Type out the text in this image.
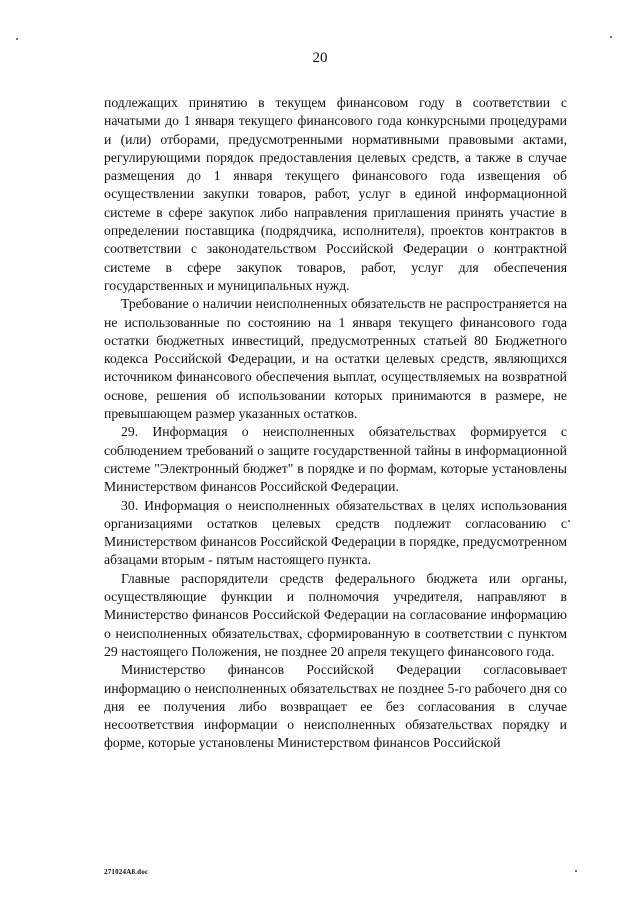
20

подлежащих принятию в текущем финансовом году в соответствии с начатыми до 1 января текущего финансового года конкурсными процедурами и (или) отборами, предусмотренными нормативными правовыми актами, регулирующими порядок предоставления целевых средств, а также в случае размещения до 1 января текущего финансового года извещения об осуществлении закупки товаров, работ, услуг в единой информационной системе в сфере закупок либо направления приглашения принять участие в определении поставщика (подрядчика, исполнителя), проектов контрактов в соответствии с законодательством Российской Федерации о контрактной системе в сфере закупок товаров, работ, услуг для обеспечения государственных и муниципальных нужд.

Требование о наличии неисполненных обязательств не распространяется на не использованные по состоянию на 1 января текущего финансового года остатки бюджетных инвестиций, предусмотренных статьей 80 Бюджетного кодекса Российской Федерации, и на остатки целевых средств, являющихся источником финансового обеспечения выплат, осуществляемых на возвратной основе, решения об использовании которых принимаются в размере, не превышающем размер указанных остатков.

29. Информация о неисполненных обязательствах формируется с соблюдением требований о защите государственной тайны в информационной системе "Электронный бюджет" в порядке и по формам, которые установлены Министерством финансов Российской Федерации.

30. Информация о неисполненных обязательствах в целях использования организациями остатков целевых средств подлежит согласованию с Министерством финансов Российской Федерации в порядке, предусмотренном абзацами вторым - пятым настоящего пункта.

Главные распорядители средств федерального бюджета или органы, осуществляющие функции и полномочия учредителя, направляют в Министерство финансов Российской Федерации на согласование информацию о неисполненных обязательствах, сформированную в соответствии с пунктом 29 настоящего Положения, не позднее 20 апреля текущего финансового года.

Министерство финансов Российской Федерации согласовывает информацию о неисполненных обязательствах не позднее 5-го рабочего дня со дня ее получения либо возвращает ее без согласования в случае несоответствия информации о неисполненных обязательствах порядку и форме, которые установлены Министерством финансов Российской

271024A8.doc
